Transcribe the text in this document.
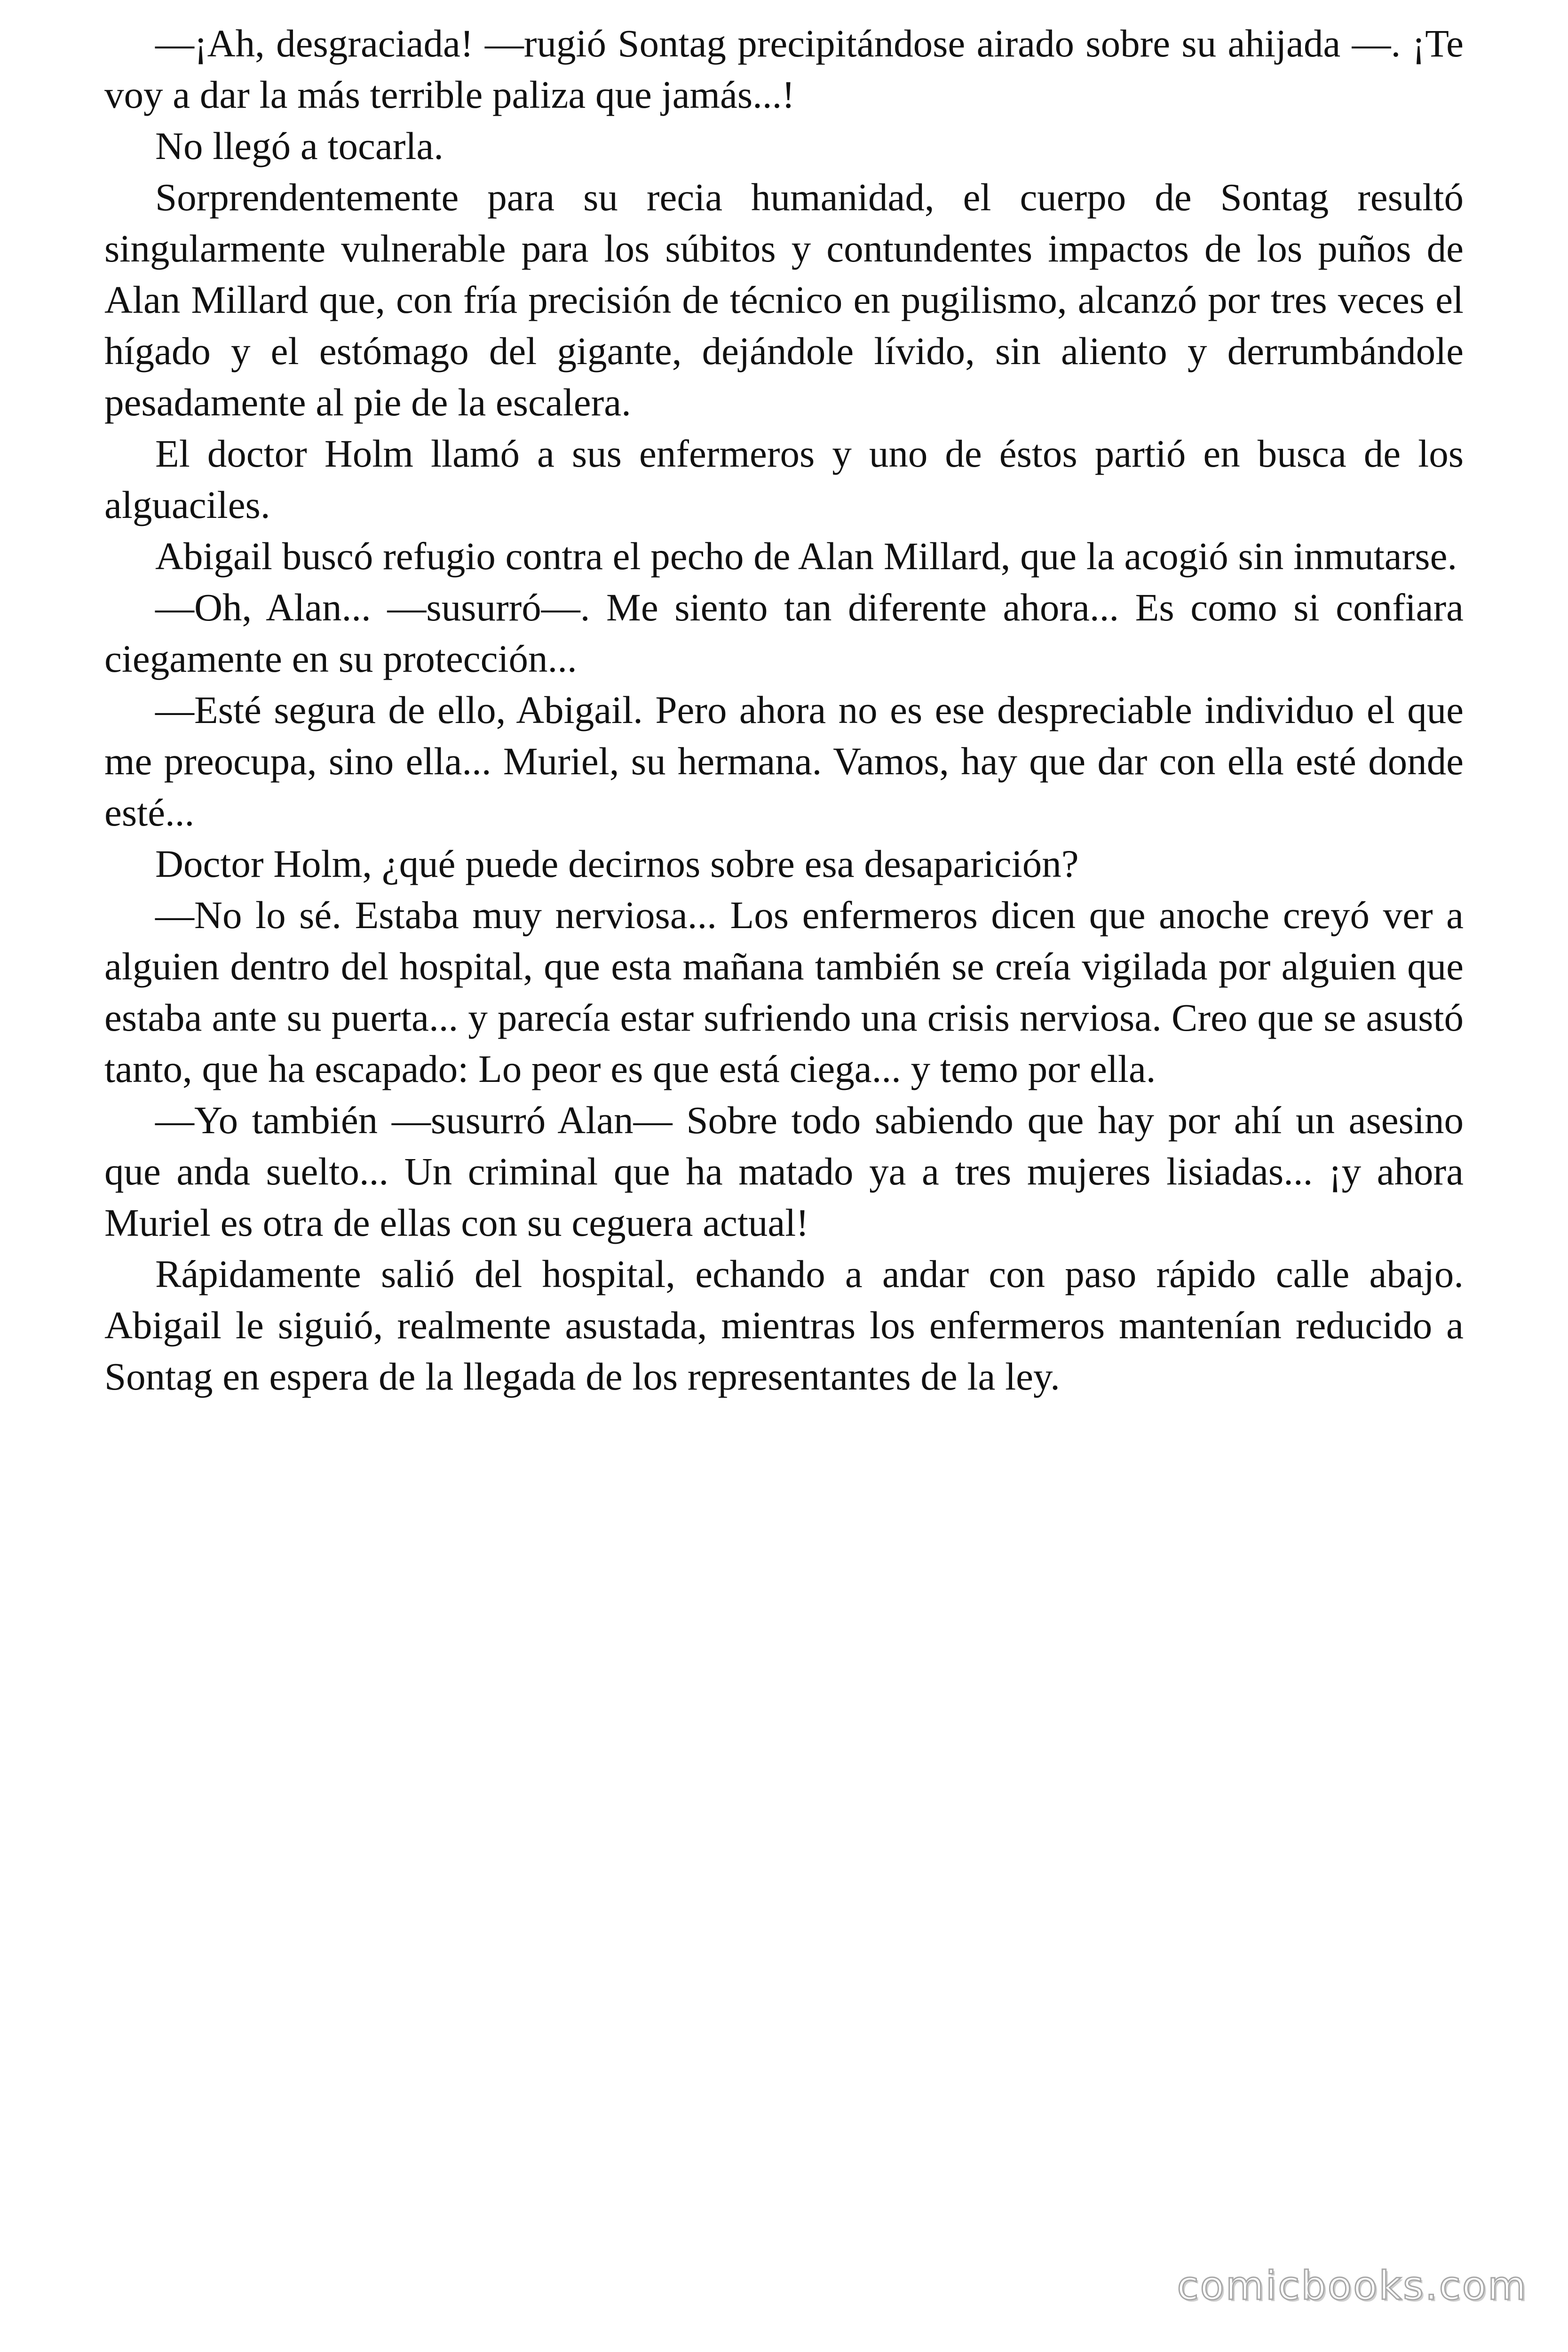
—¡Ah, desgraciada! —rugió Sontag precipitándose airado sobre su ahijada —. ¡Te voy a dar la más terrible paliza que jamás...!

No llegó a tocarla.

Sorprendentemente para su recia humanidad, el cuerpo de Sontag resultó singularmente vulnerable para los súbitos y contundentes impactos de los puños de Alan Millard que, con fría precisión de técnico en pugilismo, alcanzó por tres veces el hígado y el estómago del gigante, dejándole lívido, sin aliento y derrumbándole pesadamente al pie de la escalera.

El doctor Holm llamó a sus enfermeros y uno de éstos partió en busca de los alguaciles.

Abigail buscó refugio contra el pecho de Alan Millard, que la acogió sin inmutarse.

—Oh, Alan... —susurró—. Me siento tan diferente ahora... Es como si confiara ciegamente en su protección...

—Esté segura de ello, Abigail. Pero ahora no es ese despreciable individuo el que me preocupa, sino ella... Muriel, su hermana. Vamos, hay que dar con ella esté donde esté...

Doctor Holm, ¿qué puede decirnos sobre esa desaparición?

—No lo sé. Estaba muy nerviosa... Los enfermeros dicen que anoche creyó ver a alguien dentro del hospital, que esta mañana también se creía vigilada por alguien que estaba ante su puerta... y parecía estar sufriendo una crisis nerviosa. Creo que se asustó tanto, que ha escapado: Lo peor es que está ciega... y temo por ella.

—Yo también —susurró Alan— Sobre todo sabiendo que hay por ahí un asesino que anda suelto... Un criminal que ha matado ya a tres mujeres lisiadas... ¡y ahora Muriel es otra de ellas con su ceguera actual!

Rápidamente salió del hospital, echando a andar con paso rápido calle abajo. Abigail le siguió, realmente asustada, mientras los enfermeros mantenían reducido a Sontag en espera de la llegada de los representantes de la ley.

comicbooks.com
